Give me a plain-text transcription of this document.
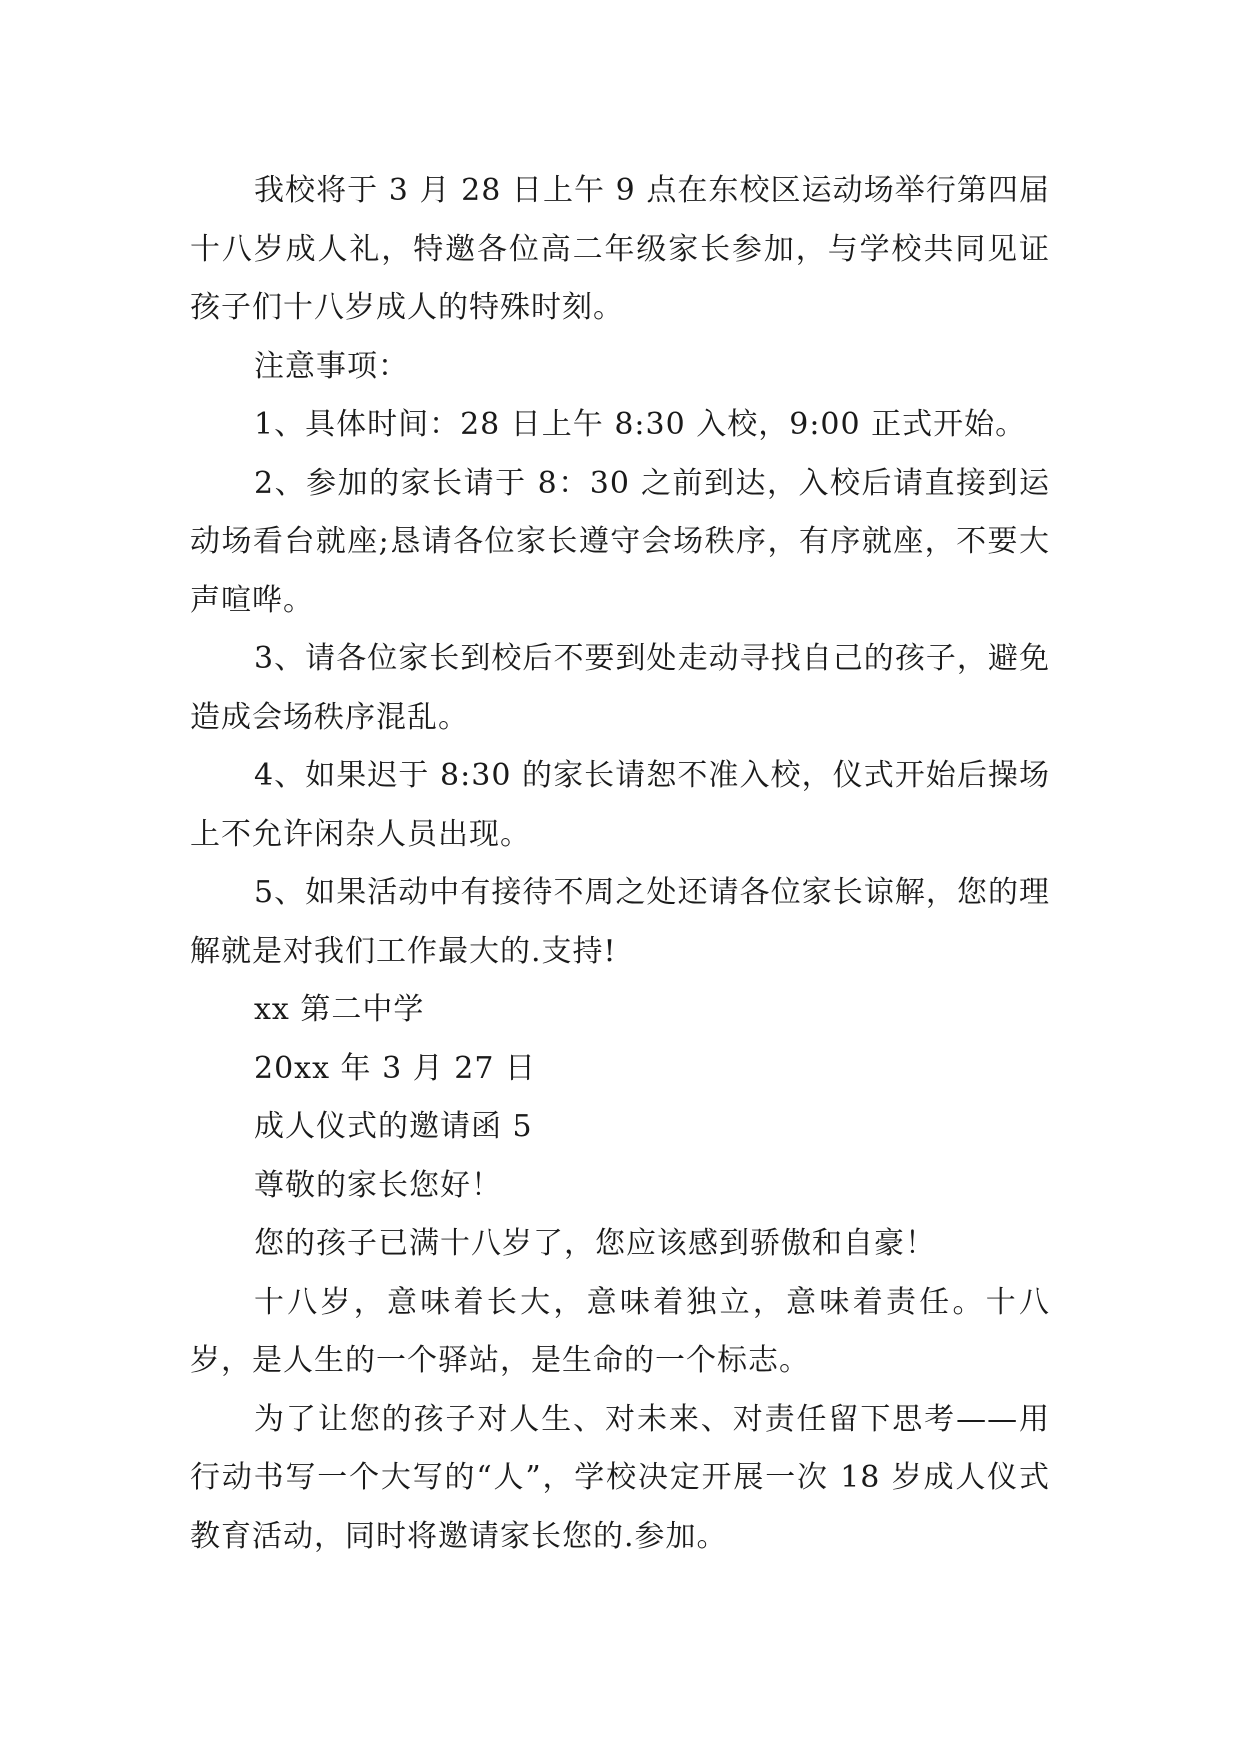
我校将于 3 月 28 日上午 9 点在东校区运动场举行第四届十八岁成人礼，特邀各位高二年级家长参加，与学校共同见证孩子们十八岁成人的特殊时刻。

注意事项：

1、具体时间：28 日上午 8:30 入校，9:00 正式开始。

2、参加的家长请于 8：30 之前到达，入校后请直接到运动场看台就座;恳请各位家长遵守会场秩序，有序就座，不要大声喧哗。

3、请各位家长到校后不要到处走动寻找自己的孩子，避免造成会场秩序混乱。

4、如果迟于 8:30 的家长请恕不准入校，仪式开始后操场上不允许闲杂人员出现。

5、如果活动中有接待不周之处还请各位家长谅解，您的理解就是对我们工作最大的.支持!

xx 第二中学

20xx 年 3 月 27 日

成人仪式的邀请函 5

尊敬的家长您好！

您的孩子已满十八岁了，您应该感到骄傲和自豪！

十八岁，意味着长大，意味着独立，意味着责任。十八岁，是人生的一个驿站，是生命的一个标志。

为了让您的孩子对人生、对未来、对责任留下思考——用行动书写一个大写的“人”，学校决定开展一次 18 岁成人仪式教育活动，同时将邀请家长您的.参加。
